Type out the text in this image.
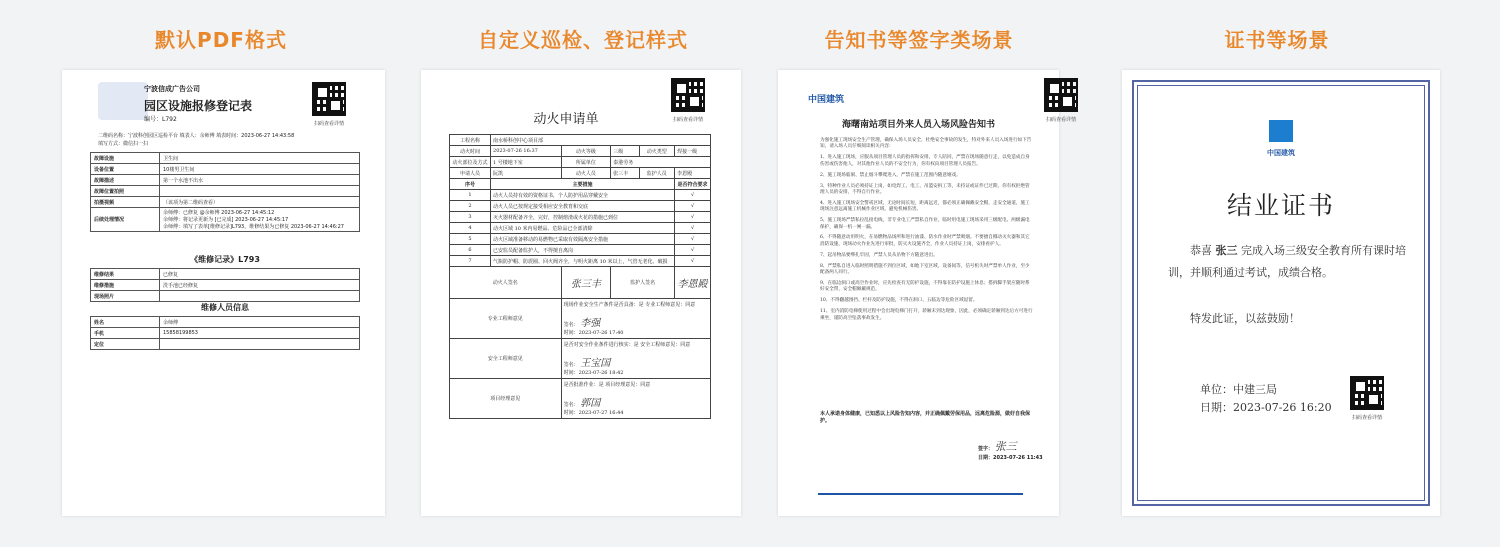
默认PDF格式	自定义巡检、登记样式	告知书等签字类场景	证书等场景
宁波信成广告公司
园区设施报修登记表
编号：L792
扫码查看详情
二维码名称：宁波科创园区巡检平台 填表人：余师傅 填表时间：2023-06-27 14:43:58
填写方式：微信扫一扫
故障设施	卫生间
设备位置	10楼男卫生间
故障描述	第一个水池不出水
故障位置拍照	
拍摄视频	（该项为第二维码查看）
后续处理情况	余师傅：已修复 @余师傅 2023-06-27 14:45:12
余师傅：将记录更新为 [已完成] 2023-06-27 14:45:17
余师傅：填写了表单[维修记录]L793，维修结果为已修复 2023-06-27 14:46:27
《维修记录》L793
维修结果	已修复
维修措施	洗手池已经修复
现场照片	
维修人员信息
姓名	余师傅
手机	15858199853
定位	
扫码查看详情
动火申请单
工程名称	南水桥科创中心项目部				
动火时间	2023-07-26 16:37	动火等级	三级	动火类型	焊接一级
动火部位及方式	1 号楼地下室	所属单位	泰港劳务		
申请人员	阮凯	动火人员	张三丰	监护人员	李恩殿
序号	主要措施				是否符合要求
1	动火人员持有效的资格证书，个人防护用品穿戴安全				√
2	动火人员已按规定接受相应安全教育和交底				√
3	灭火器材配备齐全，完好，控制熔渣或火花的措施已到位				√
4	动火区域 10 米内易燃品、危险品已全部清除				√
5	动火区域准备移动的易燃物已采取有效隔离安全措施				√
6	已安监员配备监护人，不得擅自离岗				√
7	气瓶防护帽、防震圈、回火阀齐全，与明火距离 10 米以上，气管无老化、破损				√
动火人签名		张三丰	监护人签名		李恩殿
专业工程师意见		现场作业安全生产条件是否具备：是 专业工程师意见：同意
签名： 李强
时间：2023-07-26 17:40			

安全工程师意见		是否对安全作业条件进行核实：是 安全工程师意见：同意
签名： 王宝国
时间：2023-07-26 18:42			

项目经理意见		是否批准作业：是 项目经理意见：同意
签名： 郭国
时间：2023-07-27 16:44			
中国建筑
扫码查看详情
海曙南站项目外来人员入场风险告知书
为强化施工现场安全生产管理，确保入场人员安全，杜绝安全事故的发生，特对外来人员入场进行如下告知，请入场人员仔细阅读相关内容：
1、进入施工现场，应服从项目管理人员的指挥和安排，专人陪同，严禁在现场随意行走，以免造成自身伤害或伤害他人，对其他作业人员的不安全行为，你有权向项目管理人员报告。
2、施工现场临洞、禁止烟斗攀爬进入，严禁在施工范围内随意嬉戏。
3、特种作业人员必须持证上岗，如电焊工、电工、吊篮安拆工等，未持证或证件已过期，你有权拒绝管理人员的安排，不得自行作业。
4、进入施工现场安全警戒区域，无论时间长短，距离远近，都必须正确佩戴安全帽，走安全通道，施工现场注意远离施工机械作业区域，避免机械伤害。
5、施工现场严禁私拉乱接电线，非专业电工严禁私自作业，临时用电施工现场采用三级配电、两级漏电保护，确保一机一闸一漏。
6、不得随意动用明火，在易燃物品场所和进行油漆、防水作业时严禁吸烟。不要擅自挪动灭火器和其它消防设施，现场动火作业先进行审批，防灭火设施齐全，作业人员持证上岗，安排看护人。
7、起吊物品要绑扎牢固，严禁人员从吊物下方随意进出。
8、严禁私自进入临时照明措施不到位区域，如地下室区域，设备间等，信号机失时严禁单人作业，至少配备两人同行。
9、在临边洞口或高空作业时，应先检查有无防护设施，不得靠在防护设施上休息；搭拆脚手架应随时系好安全带，安全帽佩戴规范。
10、不得翻越围挡、栏杆及防护设施，不得在洞口、五临边等危险区域逗留。
11、室内消防电梯使用过程中会出现电梯门打开，轿厢未到达现象，因此，必须确定轿厢到达后方可进行乘坐，谨防高空坠落事故发生。
本人承诺身体健康，已知悉以上风险告知内容，并正确佩戴劳保用品，远离危险源，做好自我保护。
签字： 张三
日期：2023-07-26 11:43
中国建筑
结业证书
恭喜 张三 完成入场三级安全教育所有课时培训，并顺利通过考试，成绩合格。
特发此证，以兹鼓励！
单位：中建三局
日期：2023-07-26 16:20
扫码查看详情
